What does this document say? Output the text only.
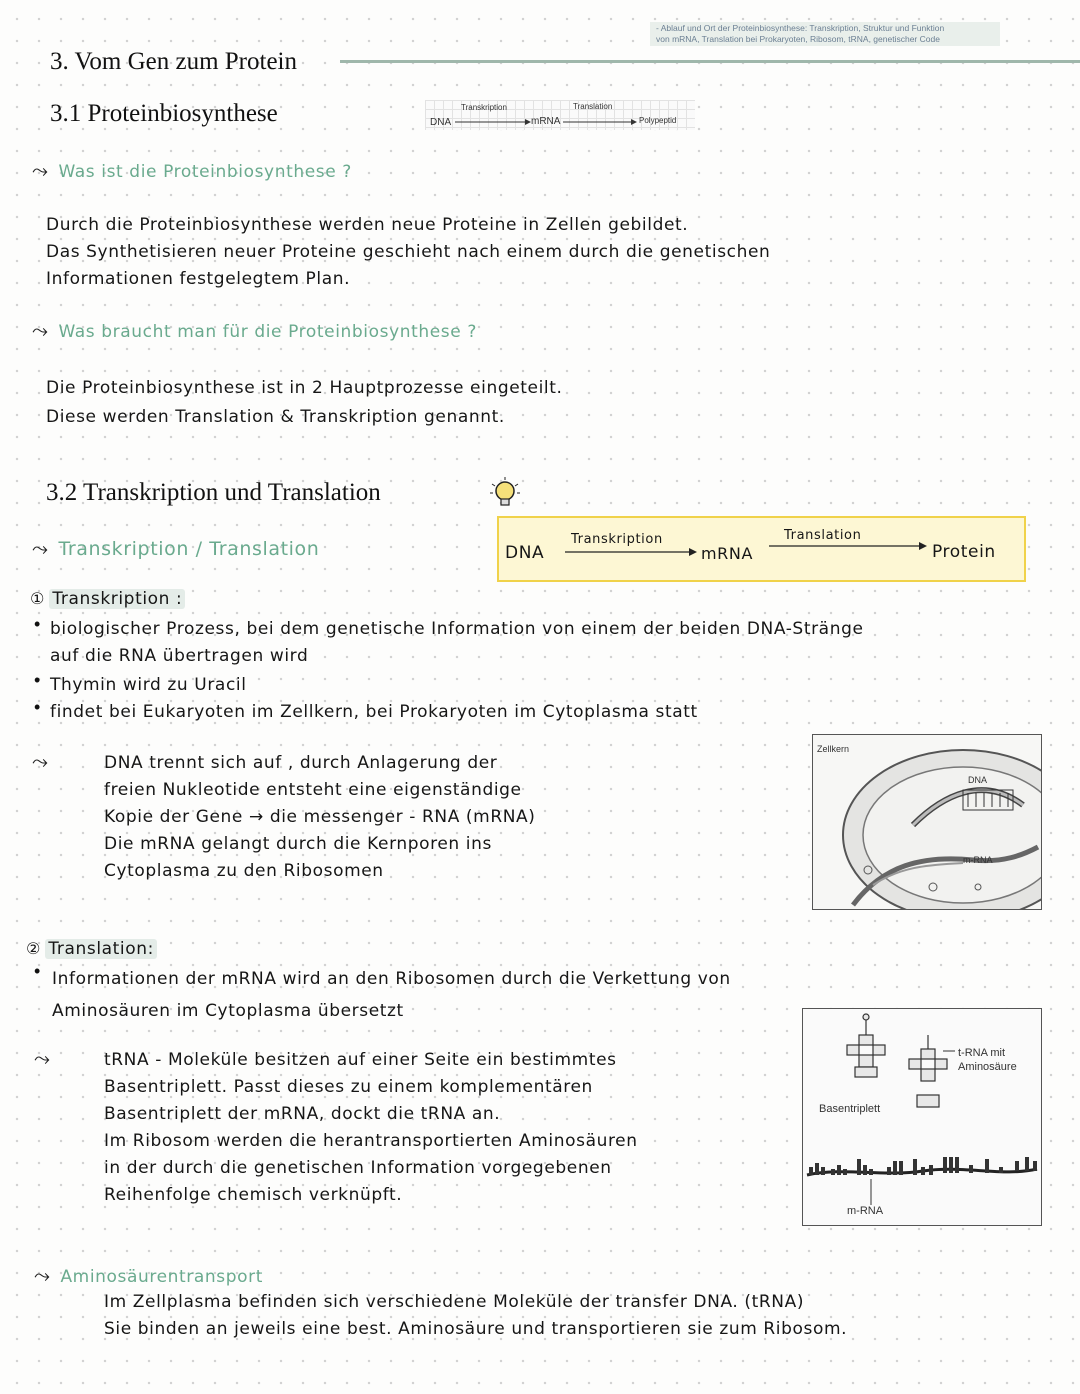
- Ablauf und Ort der Proteinbiosynthese: Transkription, Struktur und Funktion
von mRNA, Translation bei Prokaryoten, Ribosom, tRNA, genetischer Code
3. Vom Gen zum Protein
3.1 Proteinbiosynthese	DNA
Transkription
mRNA
Translation
Polypeptid
⤳ Was ist die Proteinbiosynthese ?
Durch die Proteinbiosynthese werden neue Proteine in Zellen gebildet.
Das Synthetisieren neuer Proteine geschieht nach einem durch die genetischen
Informationen festgelegtem Plan.
⤳ Was braucht man für die Proteinbiosynthese ?
Die Proteinbiosynthese ist in 2 Hauptprozesse eingeteilt.
Diese werden Translation & Transkription genannt.
3.2 Transkription und Translation
⤳ Transkription / Translation	DNA
Transkription
mRNA
Translation
Protein
① Transkription :
• biologischer Prozess, bei dem genetische Information von einem der beiden DNA-Stränge
auf die RNA übertragen wird
• Thymin wird zu Uracil
• findet bei Eukaryoten im Zellkern, bei Prokaryoten im Cytoplasma statt
⤳	DNA trennt sich auf , durch Anlagerung der
freien Nukleotide entsteht eine eigenständige
Kopie der Gene → die messenger - RNA (mRNA)
Die mRNA gelangt durch die Kernporen ins
Cytoplasma zu den Ribosomen
Zellkern
DNA
m-RNA
② Translation:
• Informationen der mRNA wird an den Ribosomen durch die Verkettung von
Aminosäuren im Cytoplasma übersetzt
⤳	tRNA - Moleküle besitzen auf einer Seite ein bestimmtes
Basentriplett. Passt dieses zu einem komplementären
Basentriplett der mRNA, dockt die tRNA an.
Im Ribosom werden die herantransportierten Aminosäuren
in der durch die genetischen Information vorgegebenen
Reihenfolge chemisch verknüpft.
t-RNA mit
Aminosäure
Basentriplett
m-RNA
⤳ Aminosäurentransport
Im Zellplasma befinden sich verschiedene Moleküle der transfer DNA. (tRNA)
Sie binden an jeweils eine best. Aminosäure und transportieren sie zum Ribosom.
